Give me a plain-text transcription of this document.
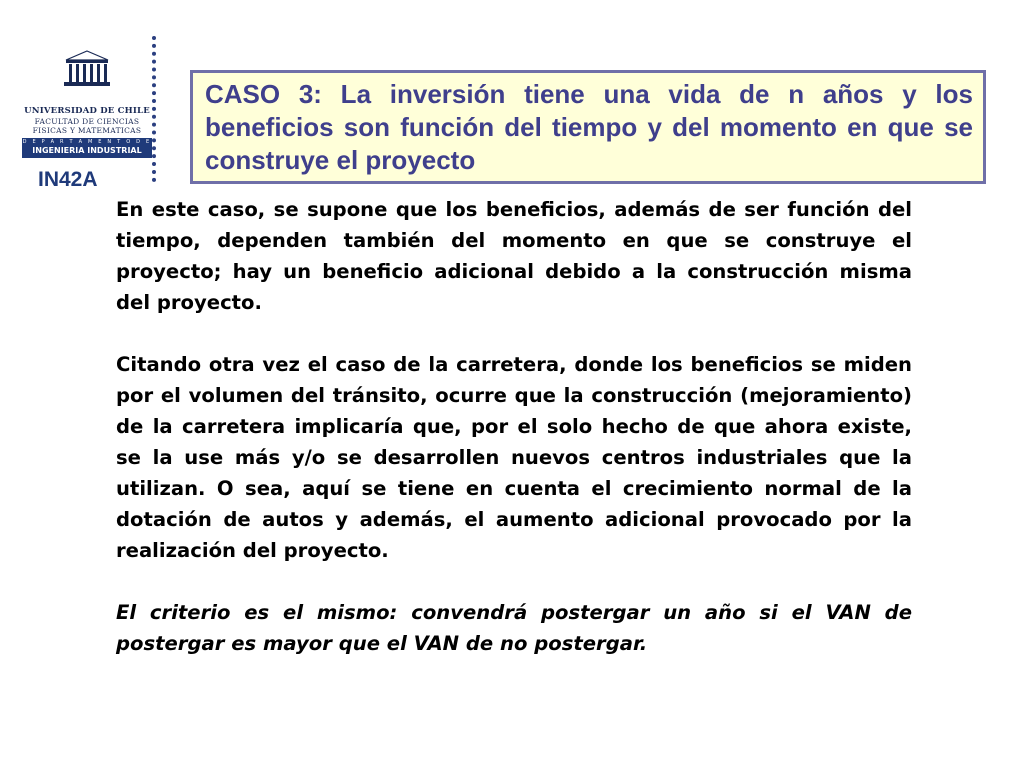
UNIVERSIDAD DE CHILE
FACULTAD DE CIENCIAS
FISICAS Y MATEMATICAS
D E P A R T A M E N T O D E
INGENIERIA INDUSTRIAL
IN42A

CASO 3: La inversión tiene una vida de n años y los beneficios son función del tiempo y del momento en que se construye el proyecto

En este caso, se supone que los beneficios, además de ser función del tiempo, dependen también del momento en que se construye el proyecto; hay un beneficio adicional debido a la construcción misma del proyecto.

Citando otra vez el caso de la carretera, donde los beneficios se miden por el volumen del tránsito, ocurre que la construcción (mejoramiento) de la carretera implicaría que, por el solo hecho de que ahora existe, se la use más y/o se desarrollen nuevos centros industriales que la utilizan. O sea, aquí se tiene en cuenta el crecimiento normal de la dotación de autos y además, el aumento adicional provocado por la realización del proyecto.

El criterio es el mismo: convendrá postergar un año si el VAN de postergar es mayor que el VAN de no postergar.
